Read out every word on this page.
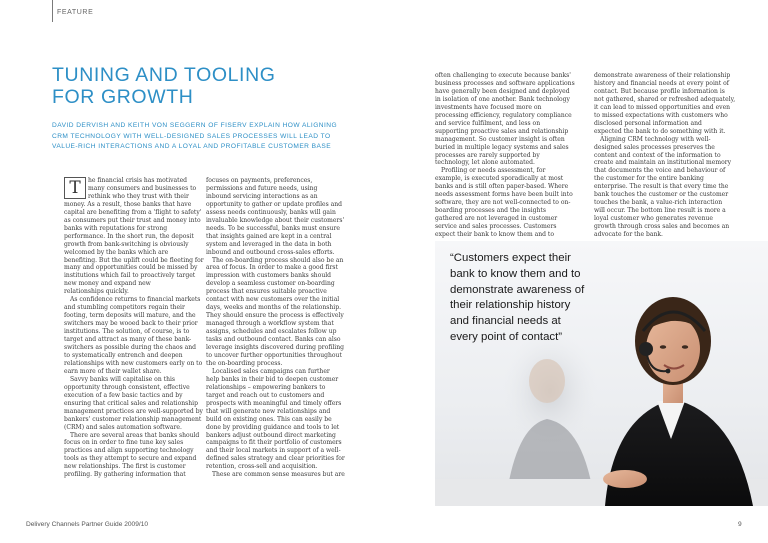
FEATURE
TUNING AND TOOLING
FOR GROWTH
DAVID DERVISH AND KEITH VON SEGGERN OF FISERV EXPLAIN HOW ALIGNING
CRM TECHNOLOGY WITH WELL-DESIGNED SALES PROCESSES WILL LEAD TO
VALUE-RICH INTERACTIONS AND A LOYAL AND PROFITABLE CUSTOMER BASE
T	he financial crisis has motivated
many consumers and businesses to
rethink who they trust with their
money. As a result, those banks that have
capital are benefiting from a 'flight to safety'
as consumers put their trust and money into
banks with reputations for strong
performance. In the short run, the deposit
growth from bank-switching is obviously
welcomed by the banks which are
benefiting. But the uplift could be fleeting for
many and opportunities could be missed by
institutions which fail to proactively target
new money and expand new
relationships quickly.
As confidence returns to financial markets
and stumbling competitors regain their
footing, term deposits will mature, and the
switchers may be wooed back to their prior
institutions. The solution, of course, is to
target and attract as many of these bank-
switchers as possible during the chaos and
to systematically entrench and deepen
relationships with new customers early on to
earn more of their wallet share.
Savvy banks will capitalise on this
opportunity through consistent, effective
execution of a few basic tactics and by
ensuring that critical sales and relationship
management practices are well-supported by
bankers' customer relationship management
(CRM) and sales automation software.
There are several areas that banks should
focus on in order to fine tune key sales
practices and align supporting technology
tools as they attempt to secure and expand
new relationships. The first is customer
profiling. By gathering information that
focuses on payments, preferences,
permissions and future needs, using
inbound servicing interactions as an
opportunity to gather or update profiles and
assess needs continuously, banks will gain
invaluable knowledge about their customers'
needs. To be successful, banks must ensure
that insights gained are kept in a central
system and leveraged in the data in both
inbound and outbound cross-sales efforts.
The on-boarding process should also be an
area of focus. In order to make a good first
impression with customers banks should
develop a seamless customer on-boarding
process that ensures suitable proactive
contact with new customers over the initial
days, weeks and months of the relationship.
They should ensure the process is effectively
managed through a workflow system that
assigns, schedules and escalates follow up
tasks and outbound contact. Banks can also
leverage insights discovered during profiling
to uncover further opportunities throughout
the on-boarding process.
Localised sales campaigns can further
help banks in their bid to deepen customer
relationships – empowering bankers to
target and reach out to customers and
prospects with meaningful and timely offers
that will generate new relationships and
build on existing ones. This can easily be
done by providing guidance and tools to let
bankers adjust outbound direct marketing
campaigns to fit their portfolio of customers
and their local markets in support of a well-
defined sales strategy and clear priorities for
retention, cross-sell and acquisition.
These are common sense measures but are
often challenging to execute because banks'
business processes and software applications
have generally been designed and deployed
in isolation of one another. Bank technology
investments have focused more on
processing efficiency, regulatory compliance
and service fulfilment, and less on
supporting proactive sales and relationship
management. So customer insight is often
buried in multiple legacy systems and sales
processes are rarely supported by
technology, let alone automated.
Profiling or needs assessment, for
example, is executed sporadically at most
banks and is still often paper-based. Where
needs assessment forms have been built into
software, they are not well-connected to on-
boarding processes and the insights
gathered are not leveraged in customer
service and sales processes. Customers
expect their bank to know them and to
demonstrate awareness of their relationship
history and financial needs at every point of
contact. But because profile information is
not gathered, shared or refreshed adequately,
it can lead to missed opportunities and even
to missed expectations with customers who
disclosed personal information and
expected the bank to do something with it.
Aligning CRM technology with well-
designed sales processes preserves the
content and context of the information to
create and maintain an institutional memory
that documents the voice and behaviour of
the customer for the entire banking
enterprise. The result is that every time the
bank touches the customer or the customer
touches the bank, a value-rich interaction
will occur. The bottom line result is more a
loyal customer who generates revenue
growth through cross sales and becomes an
advocate for the bank.
“Customers expect their
bank to know them and to
demonstrate awareness of
their relationship history
and financial needs at
every point of contact”
Delivery Channels Partner Guide 2009/10	9
